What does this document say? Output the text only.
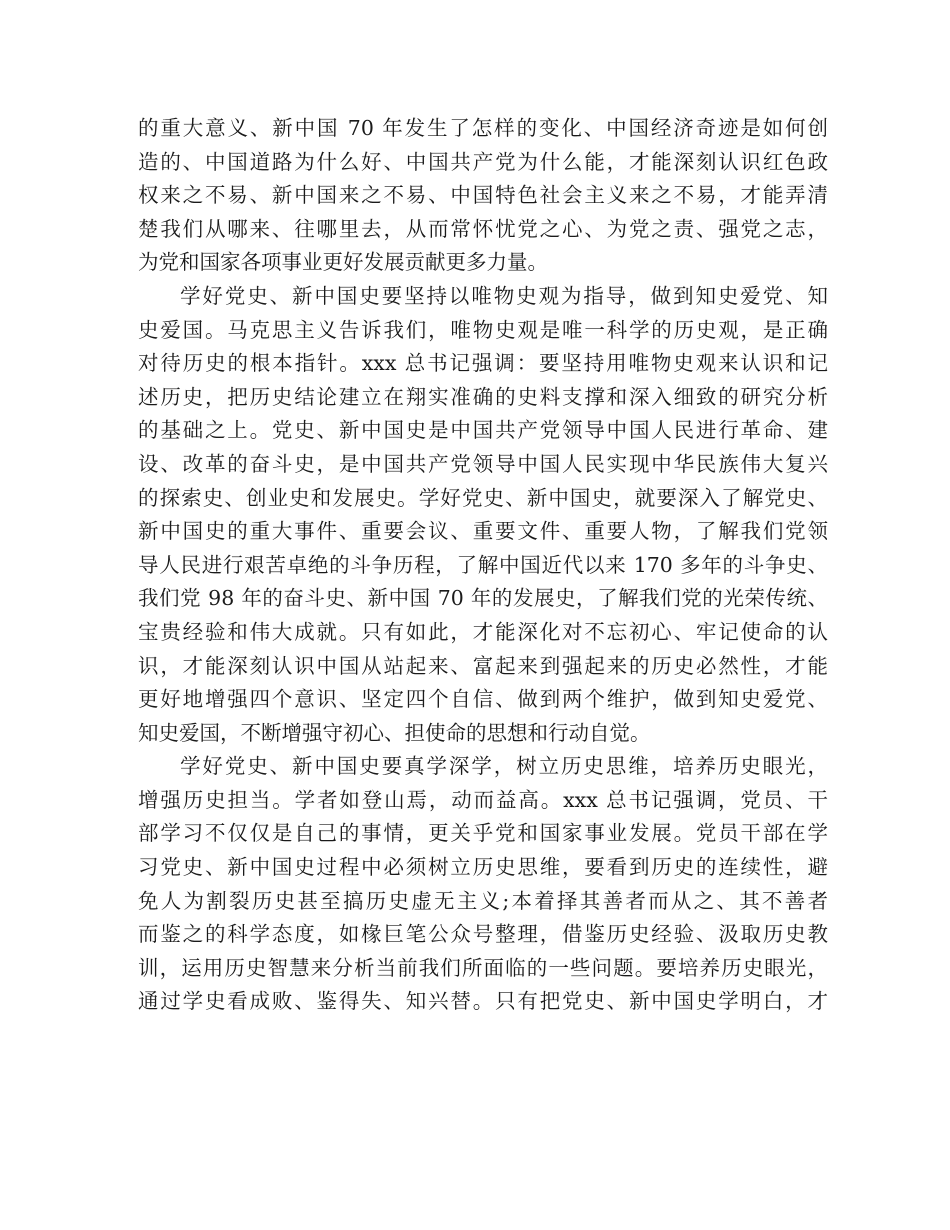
的重大意义、新中国 70 年发生了怎样的变化、中国经济奇迹是如何创
造的、中国道路为什么好、中国共产党为什么能，才能深刻认识红色政
权来之不易、新中国来之不易、中国特色社会主义来之不易，才能弄清
楚我们从哪来、往哪里去，从而常怀忧党之心、为党之责、强党之志，
为党和国家各项事业更好发展贡献更多力量。
学好党史、新中国史要坚持以唯物史观为指导，做到知史爱党、知
史爱国。马克思主义告诉我们，唯物史观是唯一科学的历史观，是正确
对待历史的根本指针。xxx 总书记强调：要坚持用唯物史观来认识和记
述历史，把历史结论建立在翔实准确的史料支撑和深入细致的研究分析
的基础之上。党史、新中国史是中国共产党领导中国人民进行革命、建
设、改革的奋斗史，是中国共产党领导中国人民实现中华民族伟大复兴
的探索史、创业史和发展史。学好党史、新中国史，就要深入了解党史、
新中国史的重大事件、重要会议、重要文件、重要人物，了解我们党领
导人民进行艰苦卓绝的斗争历程，了解中国近代以来 170 多年的斗争史、
我们党 98 年的奋斗史、新中国 70 年的发展史，了解我们党的光荣传统、
宝贵经验和伟大成就。只有如此，才能深化对不忘初心、牢记使命的认
识，才能深刻认识中国从站起来、富起来到强起来的历史必然性，才能
更好地增强四个意识、坚定四个自信、做到两个维护，做到知史爱党、
知史爱国，不断增强守初心、担使命的思想和行动自觉。
学好党史、新中国史要真学深学，树立历史思维，培养历史眼光，
增强历史担当。学者如登山焉，动而益高。xxx 总书记强调，党员、干
部学习不仅仅是自己的事情，更关乎党和国家事业发展。党员干部在学
习党史、新中国史过程中必须树立历史思维，要看到历史的连续性，避
免人为割裂历史甚至搞历史虚无主义;本着择其善者而从之、其不善者
而鉴之的科学态度，如椽巨笔公众号整理，借鉴历史经验、汲取历史教
训，运用历史智慧来分析当前我们所面临的一些问题。要培养历史眼光，
通过学史看成败、鉴得失、知兴替。只有把党史、新中国史学明白，才
